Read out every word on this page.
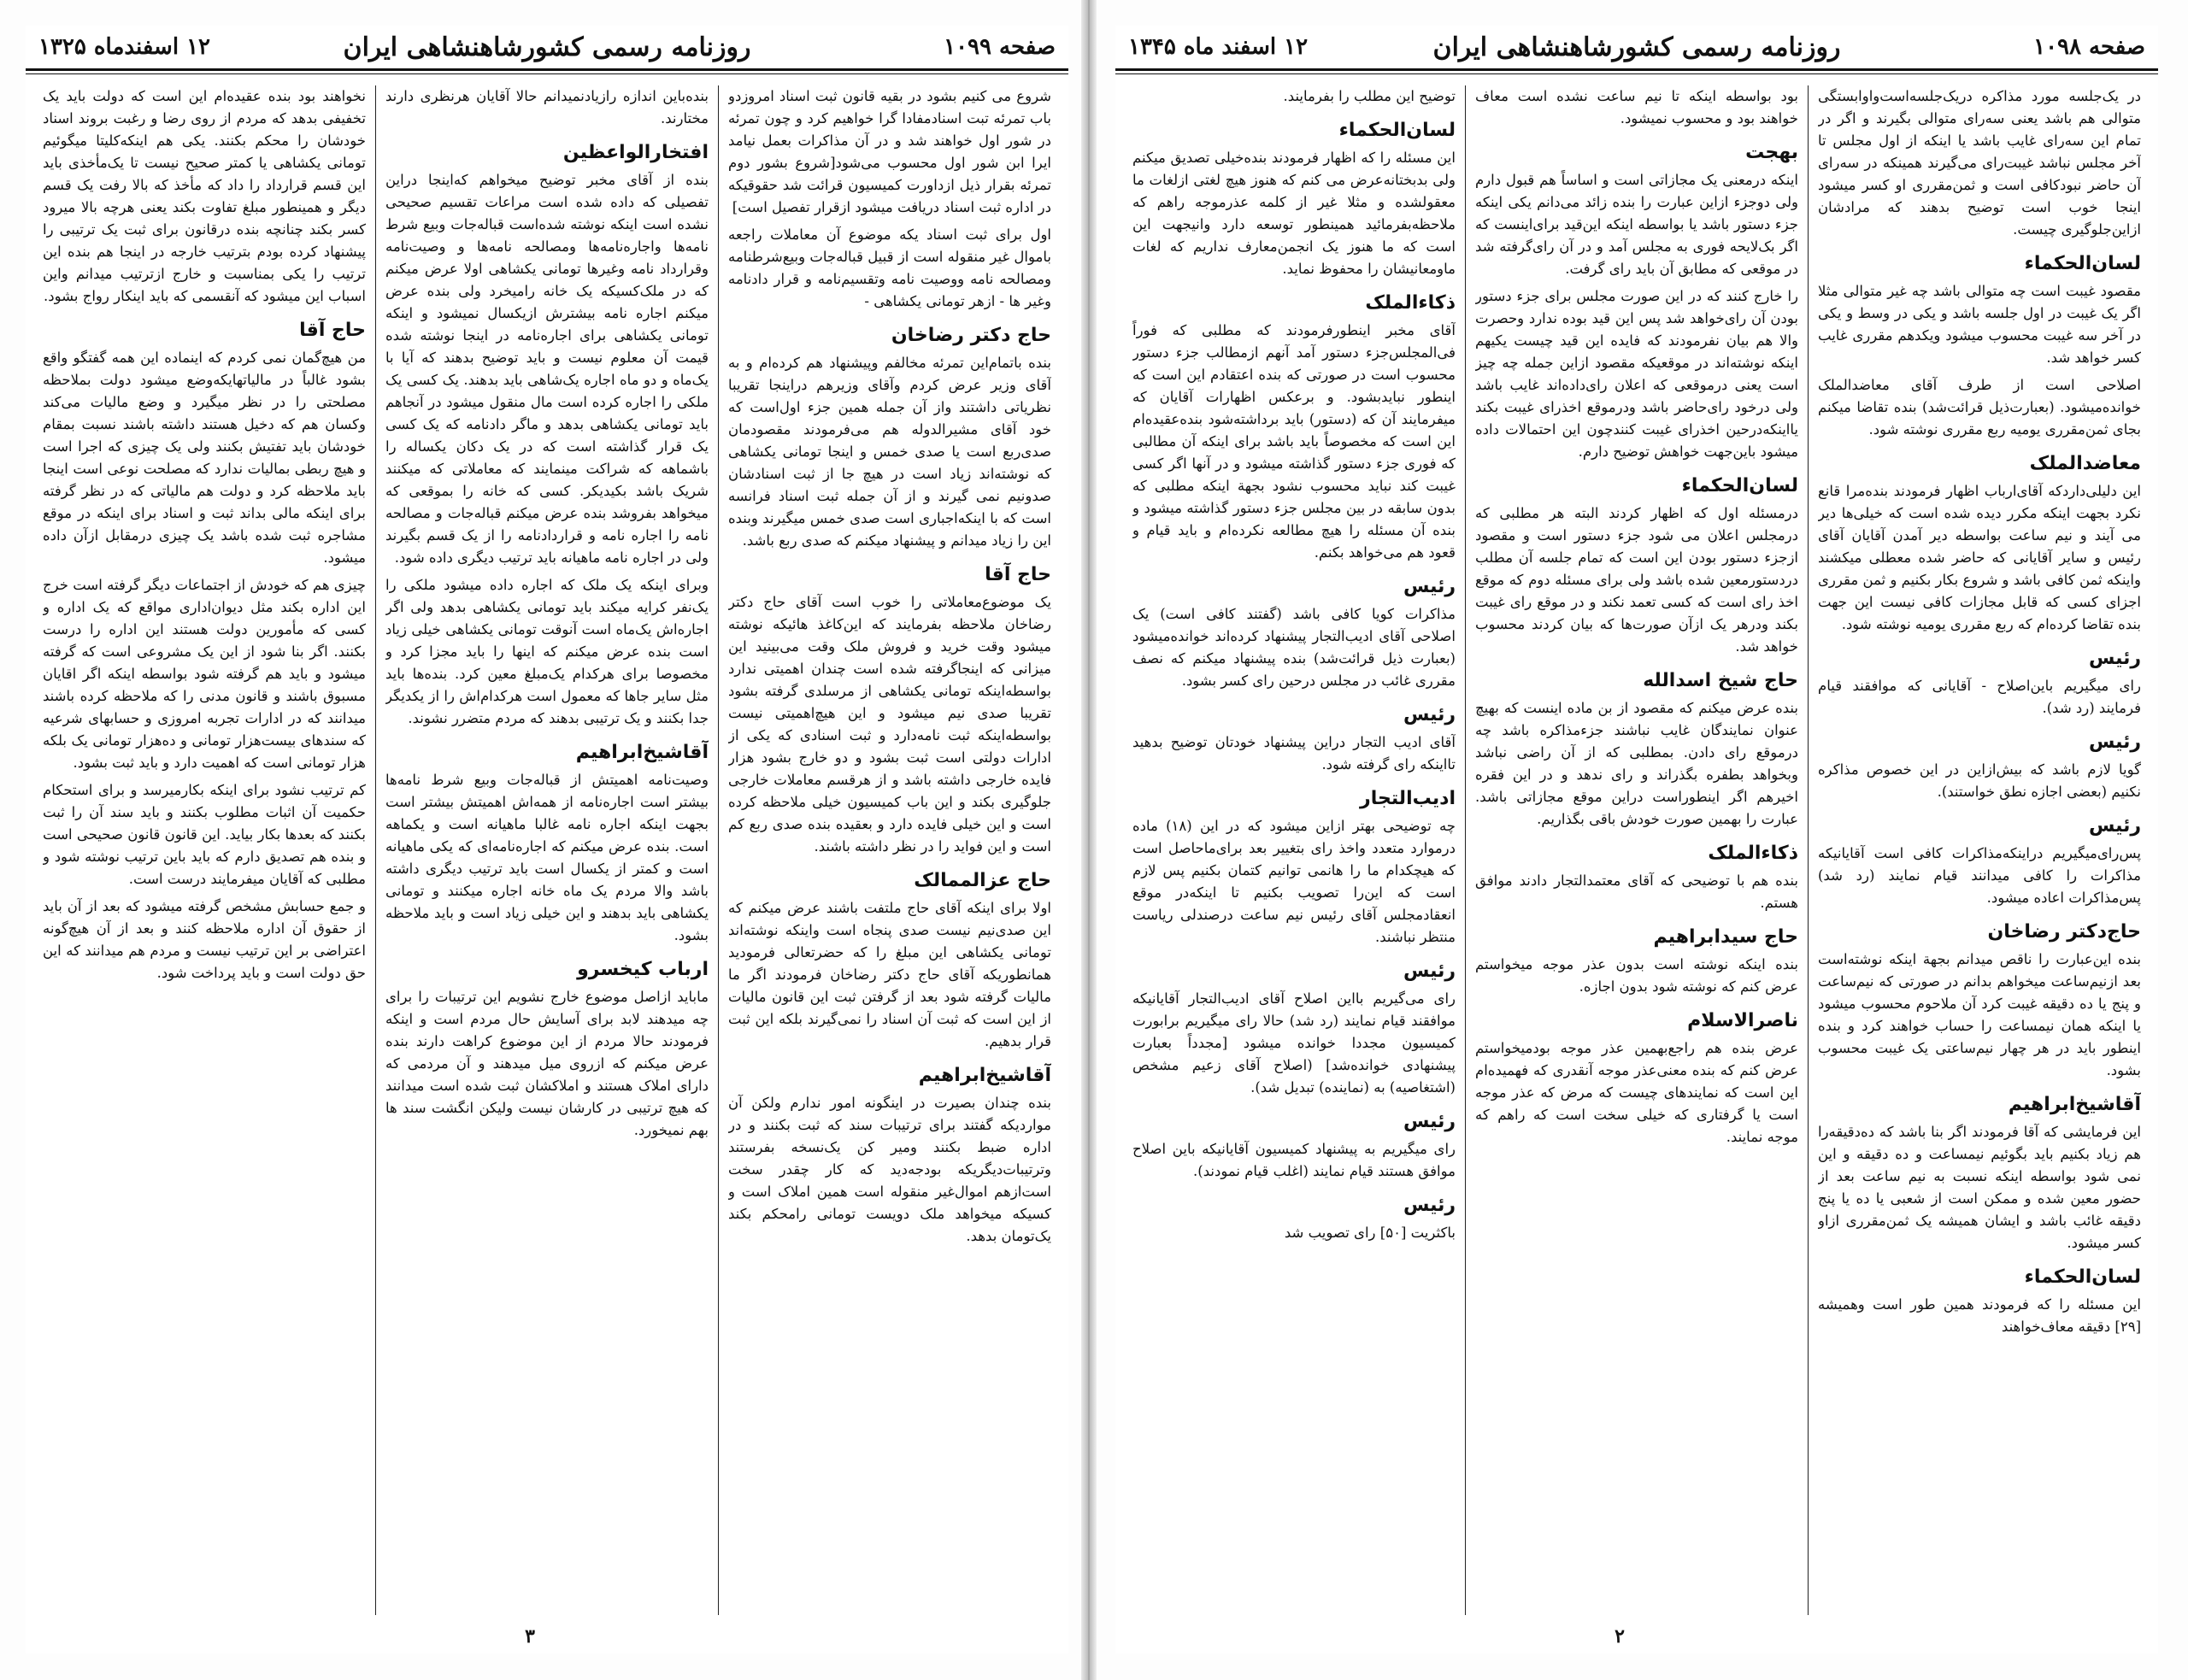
صفحه ۱۰۹۹
روزنامه رسمی کشورشاهنشاهی ایران
۱۲ اسفندماه ۱۳۲۵

شروع می کنیم بشود در بقیه قانون ثبت اسناد امروزدو باب تمرئه تبت اسنادمفادا گرا خواهیم کرد و چون تمرئه در شور اول خواهند شد و در آن مذاکرات بعمل نیامد ایرا ابن شور اول محسوب می‌شود[شروع بشور دوم تمرئه بقرار ذیل ازداورت کمیسیون قرائت شد حقوقیکه در اداره ثبت اسناد دریافت میشود ازقرار تفصیل است]

اول برای ثبت اسناد یکه موضوع آن معاملات راجعه باموال غیر منقوله است از قبیل قباله‌جات وبیع‌شرطنامه ومصالحه نامه ووصیت نامه وتقسیم‌نامه و قرار دادنامه وغیر ها - ازهر تومانی یکشاهی -

حاج دکتر رضاخان

بنده باتمام‌این تمرئه مخالفم وپیشنهاد هم کرده‌ام و به آقای وزیر عرض کردم وآقای وزیرهم دراینجا تقریبا نظریاتی داشتند واز آن جمله همین جزء اول‌است که خود آقای مشیرالدوله هم می‌فرمودند مقصودمان صدی‌ربع است یا صدی خمس و اینجا تومانی یکشاهی که نوشته‌اند زیاد است در هیچ جا از ثبت اسنادشان صدونیم نمی گیرند و از آن جمله ثبت اسناد فرانسه است که با اینکه‌اجباری است صدی خمس میگیرند وبنده این را زیاد میدانم و پیشنهاد میکنم که صدی ربع باشد.

حاج آقا

یک موضوع‌معاملاتی را خوب است آقای حاج دکتر رضاخان ملاحظه بفرمایند که این‌کاغذ هائیکه نوشته میشود وقت خرید و فروش ملک وقت می‌بینید این میزانی که اینجاگرفته شده است چندان اهمیتی ندارد بواسطه‌اینکه تومانی یکشاهی از مرسلدی گرفته بشود تقریبا صدی نیم میشود و این هیچ‌اهمیتی نیست بواسطه‌اینکه ثبت نامه‌دارد و ثبت اسنادی که یکی از ادارات دولتی است ثبت بشود و دو خارج بشود هزار فایده خارجی داشته باشد و از هرقسم معاملات خارجی جلوگیری بکند و این باب کمیسیون خیلی ملاحظه کرده است و این خیلی فایده دارد و بعقیده بنده صدی ربع کم است و این فواید را در نظر داشته باشند.

حاج عزالممالک

اولا برای اینکه آقای حاج ملتفت باشند عرض میکنم که این صدی‌نیم نیست صدی پنجاه است واینکه نوشته‌اند تومانی یکشاهی این مبلغ را که حضرتعالی فرمودید همانطوریکه آقای حاج دکتر رضاخان فرمودند اگر ما مالیات گرفته شود بعد از گرفتن ثبت این قانون مالیات از این است که ثبت آن اسناد را نمی‌گیرند بلکه این ثبت قرار بدهیم.

آقاشیخ‌ابراهیم

بنده چندان بصیرت در اینگونه امور ندارم ولکن آن مواردیکه گفتند برای ترتیبات سند که ثبت بکنند و در اداره ضبط بکنند ومیر کن یک‌نسخه بفرستند وترتیبات‌دیگریکه بودجه‌دید که کار چقدر سخت است‌ازهم اموال‌غیر منقوله است همین املاک است و کسیکه میخواهد ملک دویست تومانی رامحکم بکند یک‌تومان بدهد.

بنده‌باین اندازه رازیادنمیدانم حالا آقایان هرنظری دارند مختارند.

افتخارالواعظین

بنده از آقای مخبر توضیح میخواهم که‌اینجا دراین تفصیلی که داده شده است مراعات تقسیم صحیحی نشده است اینکه نوشته شده‌است قباله‌جات وبیع شرط نامه‌ها واجاره‌نامه‌ها ومصالحه نامه‌ها و وصیت‌نامه وقرارداد نامه وغیرها تومانی یکشاهی اولا عرض میکنم که در ملک‌کسیکه یک خانه رامیخرد ولی بنده عرض میکنم اجاره نامه بیشترش ازیکسال نمیشود و اینکه تومانی یکشاهی برای اجاره‌نامه در اینجا نوشته شده قیمت آن معلوم نیست و باید توضیح بدهند که آیا با یک‌ماه و دو ماه اجاره یک‌شاهی باید بدهند. یک کسی یک ملکی را اجاره کرده است مال منقول میشود در آنجاهم باید تومانی یکشاهی بدهد و ماگر دادنامه که یک کسی یک قرار گذاشته است که در یک دکان یکساله را باشماهه که شراکت مینمایند که معاملاتی که میکنند شریک باشد بکیدیکر. کسی که خانه را بموقعی که میخواهد بفروشد بنده عرض میکنم قباله‌جات و مصالحه نامه را اجاره نامه و قراردادنامه را از یک قسم بگیرند ولی در اجاره نامه ماهیانه باید ترتیب دیگری داده شود.

وبرای اینکه یک ملک که اجاره داده میشود ملکی را یک‌نفر کرایه میکند باید تومانی یکشاهی بدهد ولی اگر اجاره‌اش یک‌ماه است آنوقت تومانی یکشاهی خیلی زیاد است بنده عرض میکنم که اینها را باید مجزا کرد و مخصوصا برای هرکدام یک‌مبلغ معین کرد. بنده‌ها باید مثل سایر جاها که معمول است هرکدام‌اش را از یکدیگر جدا بکنند و یک ترتیبی بدهند که مردم متضرر نشوند.

آقاشیخ‌ابراهیم

وصیت‌نامه اهمیتش از قباله‌جات وبیع شرط نامه‌ها بیشتر است اجاره‌نامه از همه‌اش اهمیتش بیشتر است بجهت اینکه اجاره نامه غالبا ماهیانه است و یکماهه است. بنده عرض میکنم که اجاره‌نامه‌ای که یکی ماهیانه است و کمتر از یکسال است باید ترتیب دیگری داشته باشد والا مردم یک ماه خانه اجاره میکنند و تومانی یکشاهی باید بدهند و این خیلی زیاد است و باید ملاحظه بشود.

ارباب کیخسرو

ماباید ازاصل موضوع خارج نشویم این ترتیبات را برای چه میدهند لابد برای آسایش حال مردم است و اینکه فرمودند حالا مردم از این موضوع کراهت دارند بنده عرض میکنم که ازروی میل میدهند و آن مردمی که دارای املاک هستند و املاکشان ثبت شده است میدانند که هیچ ترتیبی در کارشان نیست ولیکن انگشت سند ها بهم نمیخورد.

نخواهند بود بنده عقیده‌ام این است که دولت باید یک تخفیفی بدهد که مردم از روی رضا و رغبت بروند اسناد خودشان را محکم بکنند. یکی هم اینکه‌کلیتا میگوئیم تومانی یکشاهی یا کمتر صحیح نیست تا یک‌مأخذی باید این قسم قرارداد را داد که مأخذ که بالا رفت یک قسم دیگر و همینطور مبلغ تفاوت بکند یعنی هرچه بالا میرود کسر بکند چنانچه بنده درقانون برای ثبت یک ترتیبی را پیشنهاد کرده بودم بترتیب خارجه در اینجا هم بنده این ترتیب را یکی بمناسبت و خارج ازترتیب میدانم واین اسباب این میشود که آنقسمی که باید اینکار رواج بشود.

حاج آقا

من هیچ‌گمان نمی کردم که اینماده این همه گفتگو واقع بشود غالباً در مالیاتهایکه‌وضع میشود دولت بملاحظه مصلحتی را در نظر میگیرد و وضع مالیات می‌کند وکسان هم که دخیل هستند داشته باشند نسبت بمقام خودشان باید تفتیش بکنند ولی یک چیزی که اجرا است و هیچ ربطی بمالیات ندارد که مصلحت نوعی است اینجا باید ملاحظه کرد و دولت هم مالیاتی که در نظر گرفته برای اینکه مالی بداند ثبت و اسناد برای اینکه در موقع مشاجره ثبت شده باشد یک چیزی درمقابل ازآن داده میشود.

چیزی هم که خودش از اجتماعات دیگر گرفته است خرج این اداره بکند مثل دیوان‌اداری مواقع که یک اداره و کسی که مأمورین دولت هستند این اداره را درست بکنند. اگر بنا شود از این یک مشروعی است که گرفته میشود و باید هم گرفته شود بواسطه اینکه اگر اقایان مسبوق باشند و قانون مدنی را که ملاحظه کرده باشند میدانند که در ادارات تجربه امروزی و حسابهای شرعیه که سندهای بیست‌هزار تومانی و ده‌هزار تومانی یک بلکه هزار تومانی است که اهمیت دارد و باید ثبت بشود.

کم ترتیب نشود برای اینکه بکارمیرسد و برای استحکام حکمیت آن اثبات مطلوب بکنند و باید سند آن را ثبت بکنند که بعدها بکار بیاید. این قانون قانون صحیحی است و بنده هم تصدیق دارم که باید باین ترتیب نوشته شود و مطلبی که آقایان میفرمایند درست است.

و جمع حسابش مشخص گرفته میشود که بعد از آن باید از حقوق آن اداره ملاحظه کنند و بعد از آن هیچ‌گونه اعتراضی بر این ترتیب نیست و مردم هم میدانند که این حق دولت است و باید پرداخت شود.

۳
صفحه ۱۰۹۸
روزنامه رسمی کشورشاهنشاهی ایران
۱۲ اسفند ماه ۱۳۴۵

در یک‌جلسه مورد مذاکره دریک‌جلسه‌است‌وا‌وابستگی متوالی هم باشد یعنی سه‌رای متوالی بگیرند و اگر در تمام این سه‌رای غایب باشد یا اینکه از اول مجلس تا آخر مجلس نباشد غیبت‌رای می‌گیرند همینکه در سه‌رای آن حاضر نبودکافی است و ثمن‌مقرری او کسر میشود اینجا خوب است توضیح بدهند که مرادشان ازاین‌جلوگیری چیست.

لسان‌الحکماء

مقصود غیبت است چه متوالی باشد چه غیر متوالی مثلا اگر یک غیبت در اول جلسه باشد و یکی در وسط و یکی در آخر سه غیبت محسوب میشود ویکدهم مقرری غایب کسر خواهد شد.

اصلاحی است از طرف آقای معاضدالملک خوانده‌میشود. (بعبارت‌ذیل قرائت‌شد) بنده تقاضا میکنم بجای ثمن‌مقرری یومیه ربع مقرری نوشته شود.

معاضدالملک

این دلیلی‌داردکه آقای‌ارباب اظهار فرمودند بنده‌مرا قانع نکرد بجهت اینکه مکرر دیده شده است که خیلی‌ها دیر می آیند و نیم ساعت بواسطه دیر آمدن آقایان آقای رئیس و سایر آقایانی که حاضر شده معطلی میکشند واینکه ثمن کافی باشد و شروع بکار بکنیم و ثمن مقرری اجزای کسی که قابل مجازات کافی نیست این جهت بنده تقاضا کرده‌ام که ربع مقرری یومیه نوشته شود.

رئیس

رای میگیریم باین‌اصلاح - آقایانی که موافقند قیام فرمایند (رد شد).

رئیس

گویا لازم باشد که بیش‌ازاین در این خصوص مذاکره نکنیم (بعضی اجازه نطق خواستند).

رئیس

پس‌رای‌میگیریم دراینکه‌مذاکرات کافی است آقایانیکه مذاکرات را کافی میدانند قیام نمایند (رد شد) پس‌مذاکرات اعاده میشود.

حاج‌دکتر رضاخان

بنده این‌عبارت را ناقص میدانم بجهة اینکه نوشته‌است بعد ازنیم‌ساعت میخواهم بدانم در صورتی که نیم‌ساعت و پنج یا ده دقیقه غیبت کرد آن ملاحوم محسوب میشود یا اینکه همان نیمساعت را حساب خواهند کرد و بنده اینطور باید در هر چهار نیم‌ساعتی یک غیبت محسوب بشود.

آقاشیخ‌ابراهیم

این فرمایشی که آقا فرمودند اگر بنا باشد که ده‌دقیقه‌را هم زیاد بکنیم باید بگوئیم نیمساعت و ده دقیقه و این نمی شود بواسطه اینکه نسبت به نیم ساعت بعد از حضور معین شده و ممکن است از شعبی یا ده یا پنج دقیقه غائب باشد و ایشان همیشه یک ثمن‌مقرری ازاو کسر میشود.

لسان‌الحکماء

این مسئله را که فرمودند همین طور است وهمیشه [۲۹] دقیقه معاف‌خواهند

بود بواسطه اینکه تا نیم ساعت نشده است معاف خواهند بود و محسوب نمیشود.

بهجت

اینکه درمعنی یک مجازاتی است و اساساً هم قبول دارم ولی دوجزء ازاین عبارت را بنده زائد می‌دانم یکی اینکه جزء دستور باشد یا بواسطه اینکه این‌قید برای‌اینست که اگر بک‌لایحه فوری به مجلس آمد و در آن رای‌گرفته شد در موقعی که مطابق آن باید رای گرفت.

را خارج کنند که در این صورت مجلس برای جزء دستور بودن آن رای‌خواهد شد پس این قید بوده ندارد وحصرت والا هم بیان نفرمودند که فایده این قید چیست یکیهم اینکه نوشته‌اند در موقعیکه مقصود ازاین جمله چه چیز است یعنی درموقعی که اعلان رای‌داده‌اند غایب باشد ولی درخود رای‌حاضر باشد ودرموقع اخذرای غیبت بکند یااینکه‌درحین اخذرای غیبت کنندچون این احتمالات داده میشود باین‌جهت خواهش توضیح دارم.

لسان‌الحکماء

درمسئله اول که اظهار کردند البته هر مطلبی که درمجلس اعلان می شود جزء دستور است و مقصود ازجزء دستور بودن این است که تمام جلسه آن مطلب دردستورمعین شده باشد ولی برای مسئله دوم که موقع اخذ رای است که کسی تعمد نکند و در موقع رای غیبت بکند ودرهر یک ازآن صورت‌ها که بیان کردند محسوب خواهد شد.

حاج شیخ اسدالله

بنده عرض میکنم که مقصود از بن ماده اینست که بهیچ عنوان نمایندگان غایب نباشند جزءمذاکره باشد چه درموقع رای دادن. بمطلبی که از آن راضی نباشد وبخواهد بطفره بگذراند و رای ندهد و در این فقره اخیرهم اگر اینطوراست دراین موقع مجازاتی باشد. عبارت را بهمین صورت خودش باقی بگذاریم.

ذکاءالملک

بنده هم با توضیحی که آقای معتمدالتجار دادند موافق هستم.

حاج سیدابراهیم

بنده اینکه نوشته است بدون عذر موجه میخواستم عرض کنم که نوشته شود بدون اجازه.

ناصرالاسلام

عرض بنده هم راجع‌بهمین عذر موجه بودمیخواستم عرض کنم که بنده معنی‌عذر موجه آنقدری که فهمیده‌ام این است که نمایندهای چیست که مرض که عذر موجه است یا گرفتاری که خیلی سخت است که راهم که موجه نمایند.

توضیح این مطلب را بفرمایند.

لسان‌الحکماء

این مسئله را که اظهار فرمودند بنده‌خیلی تصدیق میکنم ولی بدبختانه‌عرض می کنم که هنوز هیچ لغتی ازلغات ما معقولشده و مثلا غیر از کلمه عذرموجه راهم که ملاحظه‌بفرمائید همینطور توسعه دارد وانیجهت این است که ما هنوز یک انجمن‌معارف نداریم که لغات ماومعانیشان را محفوظ نماید.

ذکاءالملک

آقای مخبر اینطورفرمودند که مطلبی که فوراً فی‌المجلس‌جزء دستور آمد آنهم ازمطالب جزء دستور محسوب است در صورتی که بنده اعتقادم این است که اینطور نبایدبشود. و برعکس اظهارات آقایان که میفرمایند آن که (دستور) باید برداشته‌شود بنده‌عقیده‌ام این است که مخصوصاً باید باشد برای اینکه آن مطالبی که فوری جزء دستور گذاشته میشود و در آنها اگر کسی غیبت کند نباید محسوب نشود بجهة اینکه مطلبی که بدون سابقه در بین مجلس جزء دستور گذاشته میشود و بنده آن مسئله را هیچ مطالعه نکرده‌ام و باید قیام و قعود هم می‌خواهد بکنم.

رئیس

مذاکرات کویا کافی باشد (گفتند کافی است) یک اصلاحی آقای ادیب‌التجار پیشنهاد کرده‌اند خوانده‌میشود (بعبارت ذیل قرائت‌شد) بنده پیشنهاد میکنم که نصف مقرری غائب در مجلس درحین رای کسر بشود.

رئیس

آقای ادیب التجار دراین پیشنهاد خودتان توضیح بدهید تااینکه رای گرفته شود.

ادیب‌التجار

چه توضیحی بهتر ازاین میشود که در این (۱۸) ماده درموارد متعدد واخذ رای بتغییر بعد برای‌ماحاصل است که هیچکدام ما را هانمی توانیم کتمان بکنیم پس لازم است که این‌را تصویب بکنیم تا اینکه‌در موقع انعقادمجلس آقای رئیس نیم ساعت درصندلی ریاست منتظر نباشند.

رئیس

رای می‌گیریم بااین اصلاح آقای ادیب‌التجار آقایانیکه موافقند قیام نمایند (رد شد) حالا رای میگیریم برابورت کمیسیون مجددا خوانده میشود [مجدداً بعبارت پیشنهادی خوانده‌شد] (اصلاح آقای زعیم مشخص (اشتغاصیه) به (نماینده) تبدیل شد).

رئیس

رای میگیریم به پیشنهاد کمیسیون آقایانیکه باین اصلاح موافق هستند قیام نمایند (اغلب قیام نمودند).

رئیس

باکثریت [۵۰] رای تصویب شد

۲
